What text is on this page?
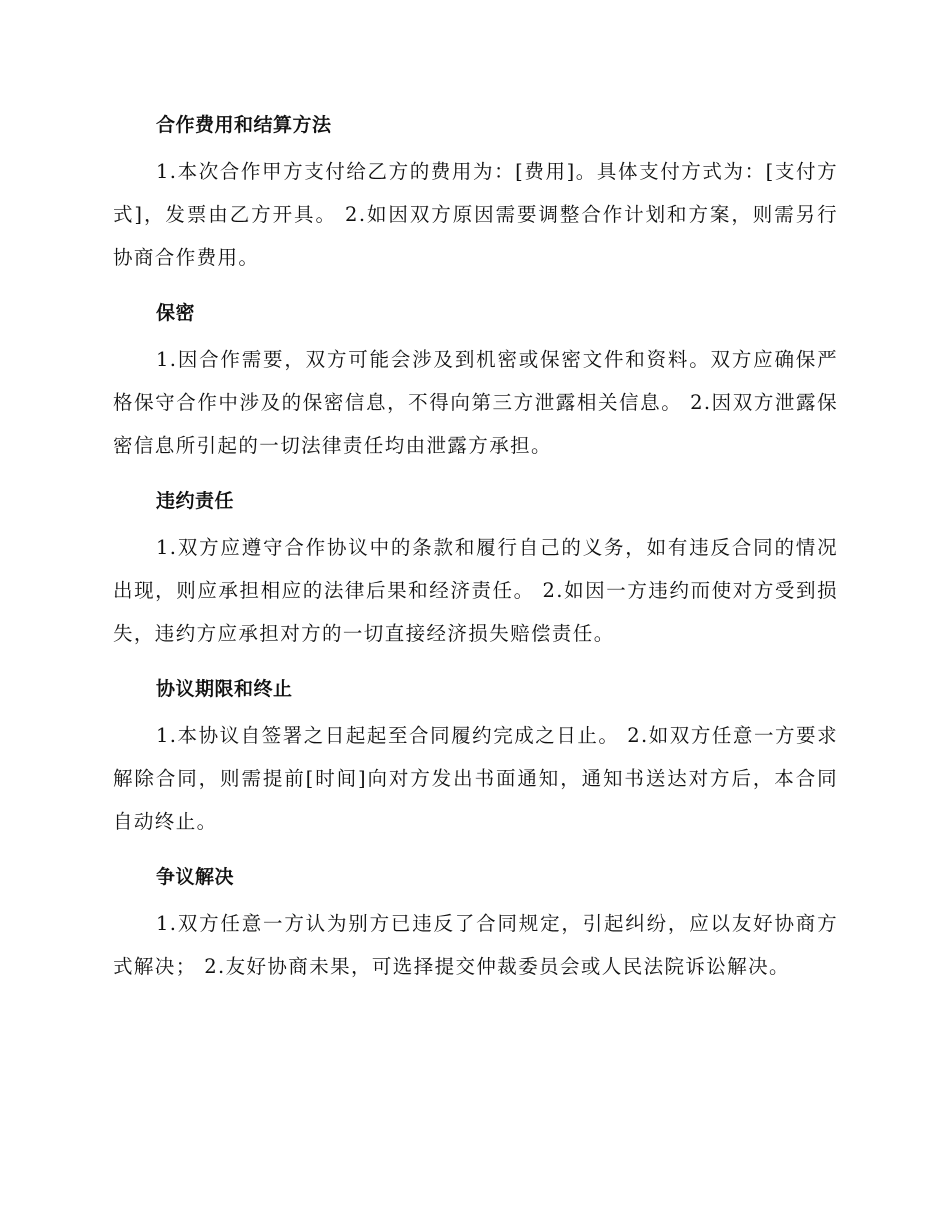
合作费用和结算方法

1.本次合作甲方支付给乙方的费用为：[费用]。具体支付方式为：[支付方式]，发票由乙方开具。 2.如因双方原因需要调整合作计划和方案，则需另行协商合作费用。

保密

1.因合作需要，双方可能会涉及到机密或保密文件和资料。双方应确保严格保守合作中涉及的保密信息，不得向第三方泄露相关信息。 2.因双方泄露保密信息所引起的一切法律责任均由泄露方承担。

违约责任

1.双方应遵守合作协议中的条款和履行自己的义务，如有违反合同的情况出现，则应承担相应的法律后果和经济责任。 2.如因一方违约而使对方受到损失，违约方应承担对方的一切直接经济损失赔偿责任。

协议期限和终止

1.本协议自签署之日起起至合同履约完成之日止。 2.如双方任意一方要求解除合同，则需提前[时间]向对方发出书面通知，通知书送达对方后，本合同自动终止。

争议解决

1.双方任意一方认为别方已违反了合同规定，引起纠纷，应以友好协商方式解决； 2.友好协商未果，可选择提交仲裁委员会或人民法院诉讼解决。
